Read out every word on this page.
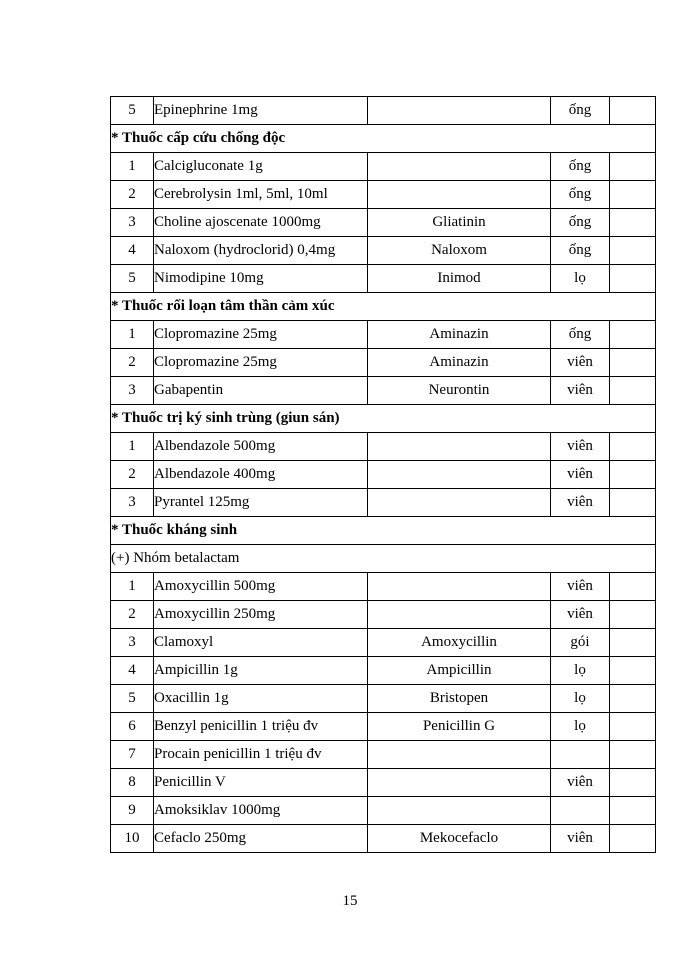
5	Epinephrine 1mg		ống	
* Thuốc cấp cứu chống độc				
1	Calcigluconate 1g		ống	
2	Cerebrolysin 1ml, 5ml, 10ml		ống	
3	Choline ajoscenate 1000mg	Gliatinin	ống	
4	Naloxom (hydroclorid) 0,4mg	Naloxom	ống	
5	Nimodipine 10mg	Inimod	lọ	
* Thuốc rối loạn tâm thần cảm xúc				
1	Clopromazine 25mg	Aminazin	ống	
2	Clopromazine 25mg	Aminazin	viên	
3	Gabapentin	Neurontin	viên	
* Thuốc trị ký sinh trùng (giun sán)				
1	Albendazole 500mg		viên	
2	Albendazole 400mg		viên	
3	Pyrantel 125mg		viên	
* Thuốc kháng sinh				
(+) Nhóm betalactam				
1	Amoxycillin 500mg		viên	
2	Amoxycillin 250mg		viên	
3	Clamoxyl	Amoxycillin	gói	
4	Ampicillin 1g	Ampicillin	lọ	
5	Oxacillin 1g	Bristopen	lọ	
6	Benzyl penicillin 1 triệu đv	Penicillin G	lọ	
7	Procain penicillin 1 triệu đv			
8	Penicillin V		viên	
9	Amoksiklav 1000mg			
10	Cefaclo 250mg	Mekocefaclo	viên	
15
